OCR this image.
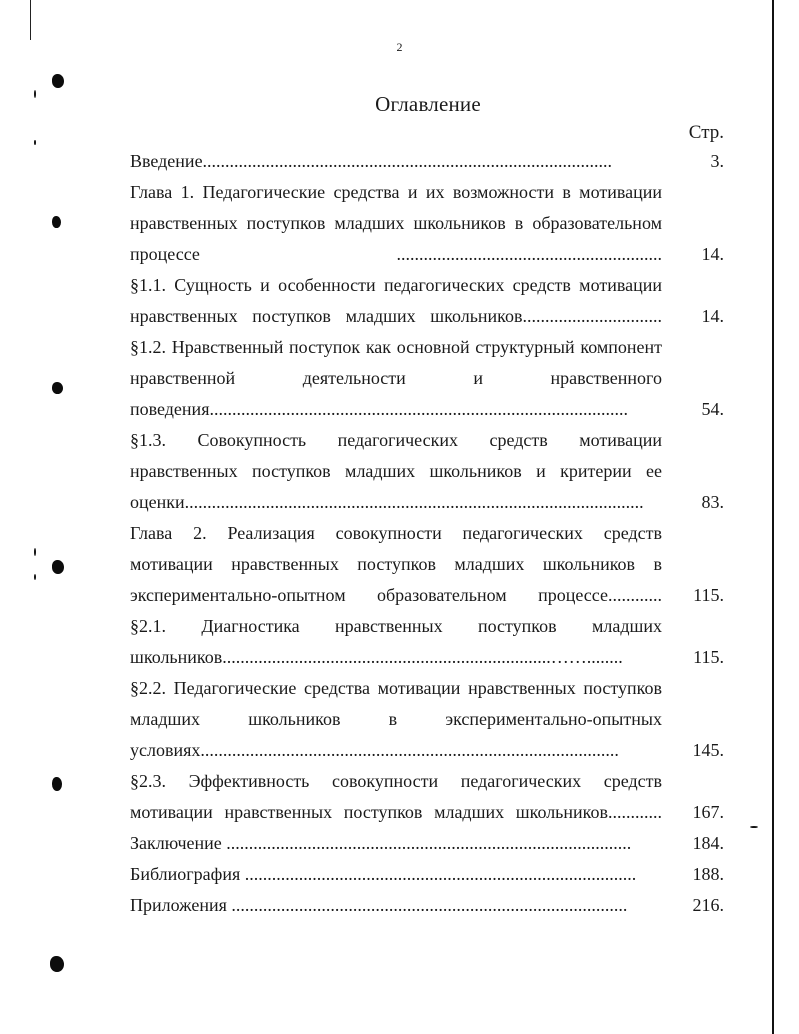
2
Оглавление
Стр.
Введение...........................................................................................	3.
Глава 1. Педагогические средства и их возможности в мотивации нравственных поступков младших школьников в образовательном процессе ...........................................................	14.
§1.1. Сущность и особенности педагогических средств мотивации нравственных поступков младших школьников...............................	14.
§1.2. Нравственный поступок как основной структурный компонент нравственной деятельности и нравственного поведения.............................................................................................	54.
§1.3. Совокупность педагогических средств мотивации нравственных поступков младших школьников и критерии ее оценки......................................................................................................	83.
Глава 2. Реализация совокупности педагогических средств мотивации нравственных поступков младших школьников в экспериментально-опытном образовательном процессе............	115.
§2.1. Диагностика нравственных поступков младших школьников.........................................................................……........	115.
§2.2. Педагогические средства мотивации нравственных поступков младших школьников в экспериментально-опытных условиях.............................................................................................	145.
§2.3. Эффективность совокупности педагогических средств мотивации нравственных поступков младших школьников............	167.
Заключение ..........................................................................................	184.
Библиография .......................................................................................	188.
Приложения ........................................................................................	216.
